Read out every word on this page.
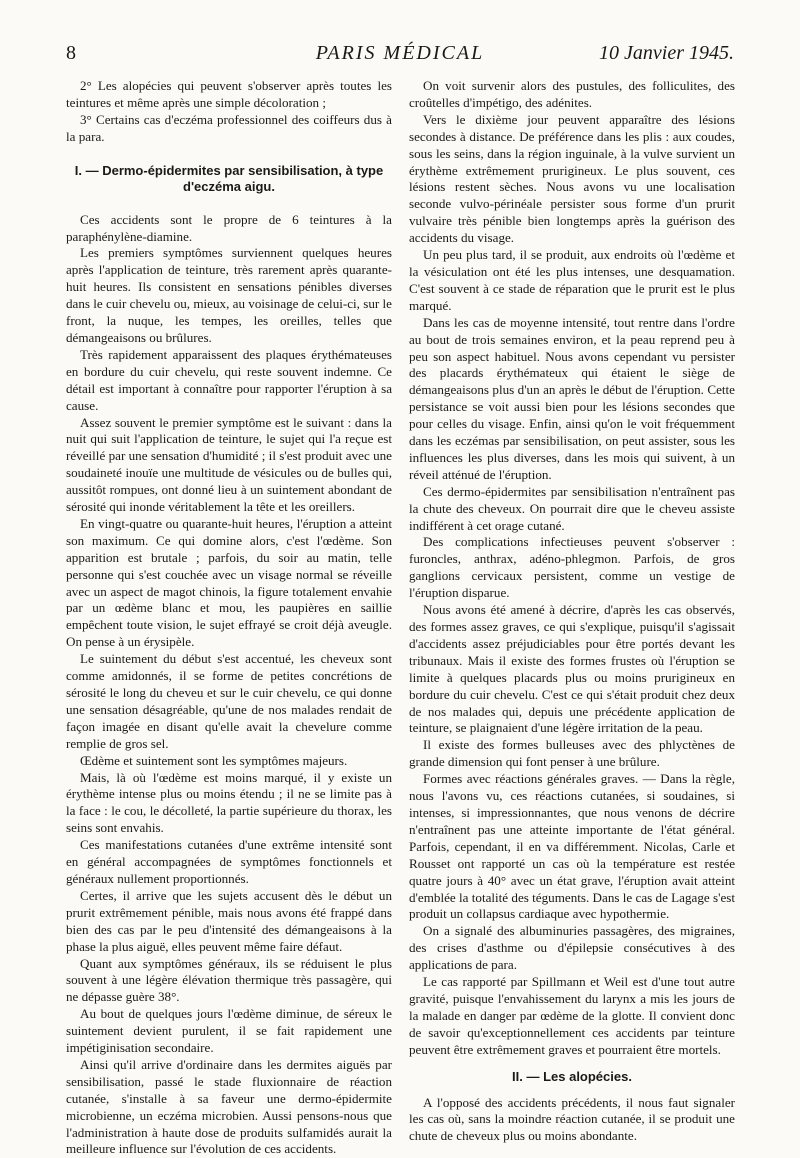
8	PARIS MÉDICAL	10 Janvier 1945.

2° Les alopécies qui peuvent s'observer après toutes les teintures et même après une simple décoloration ;

3° Certains cas d'eczéma professionnel des coiffeurs dus à la para.

I. — Dermo-épidermites par sensibilisation, à type d'eczéma aigu.

Ces accidents sont le propre de 6 teintures à la paraphénylène-diamine.

Les premiers symptômes surviennent quelques heures après l'application de teinture, très rarement après quarante-huit heures. Ils consistent en sensations pénibles diverses dans le cuir chevelu ou, mieux, au voisinage de celui-ci, sur le front, la nuque, les tempes, les oreilles, telles que démangeaisons ou brûlures.

Très rapidement apparaissent des plaques érythémateuses en bordure du cuir chevelu, qui reste souvent indemne. Ce détail est important à connaître pour rapporter l'éruption à sa cause.

Assez souvent le premier symptôme est le suivant : dans la nuit qui suit l'application de teinture, le sujet qui l'a reçue est réveillé par une sensation d'humidité ; il s'est produit avec une soudaineté inouïe une multitude de vésicules ou de bulles qui, aussitôt rompues, ont donné lieu à un suintement abondant de sérosité qui inonde véritablement la tête et les oreillers.

En vingt-quatre ou quarante-huit heures, l'éruption a atteint son maximum. Ce qui domine alors, c'est l'œdème. Son apparition est brutale ; parfois, du soir au matin, telle personne qui s'est couchée avec un visage normal se réveille avec un aspect de magot chinois, la figure totalement envahie par un œdème blanc et mou, les paupières en saillie empêchent toute vision, le sujet effrayé se croit déjà aveugle. On pense à un érysipèle.

Le suintement du début s'est accentué, les cheveux sont comme amidonnés, il se forme de petites concrétions de sérosité le long du cheveu et sur le cuir chevelu, ce qui donne une sensation désagréable, qu'une de nos malades rendait de façon imagée en disant qu'elle avait la chevelure comme remplie de gros sel.

Œdème et suintement sont les symptômes majeurs.

Mais, là où l'œdème est moins marqué, il y existe un érythème intense plus ou moins étendu ; il ne se limite pas à la face : le cou, le décolleté, la partie supérieure du thorax, les seins sont envahis.

Ces manifestations cutanées d'une extrême intensité sont en général accompagnées de symptômes fonctionnels et généraux nullement proportionnés.

Certes, il arrive que les sujets accusent dès le début un prurit extrêmement pénible, mais nous avons été frappé dans bien des cas par le peu d'intensité des démangeaisons à la phase la plus aiguë, elles peuvent même faire défaut.

Quant aux symptômes généraux, ils se réduisent le plus souvent à une légère élévation thermique très passagère, qui ne dépasse guère 38°.

Au bout de quelques jours l'œdème diminue, de séreux le suintement devient purulent, il se fait rapidement une impétiginisation secondaire.

Ainsi qu'il arrive d'ordinaire dans les dermites aiguës par sensibilisation, passé le stade fluxionnaire de réaction cutanée, s'installe à sa faveur une dermo-épidermite microbienne, un eczéma microbien. Aussi pensons-nous que l'administration à haute dose de produits sulfamidés aurait la meilleure influence sur l'évolution de ces accidents.

On voit survenir alors des pustules, des folliculites, des croûtelles d'impétigo, des adénites.

Vers le dixième jour peuvent apparaître des lésions secondes à distance. De préférence dans les plis : aux coudes, sous les seins, dans la région inguinale, à la vulve survient un érythème extrêmement prurigineux. Le plus souvent, ces lésions restent sèches. Nous avons vu une localisation seconde vulvo-périnéale persister sous forme d'un prurit vulvaire très pénible bien longtemps après la guérison des accidents du visage.

Un peu plus tard, il se produit, aux endroits où l'œdème et la vésiculation ont été les plus intenses, une desquamation. C'est souvent à ce stade de réparation que le prurit est le plus marqué.

Dans les cas de moyenne intensité, tout rentre dans l'ordre au bout de trois semaines environ, et la peau reprend peu à peu son aspect habituel. Nous avons cependant vu persister des placards érythémateux qui étaient le siège de démangeaisons plus d'un an après le début de l'éruption. Cette persistance se voit aussi bien pour les lésions secondes que pour celles du visage. Enfin, ainsi qu'on le voit fréquemment dans les eczémas par sensibilisation, on peut assister, sous les influences les plus diverses, dans les mois qui suivent, à un réveil atténué de l'éruption.

Ces dermo-épidermites par sensibilisation n'entraînent pas la chute des cheveux. On pourrait dire que le cheveu assiste indifférent à cet orage cutané.

Des complications infectieuses peuvent s'observer : furoncles, anthrax, adéno-phlegmon. Parfois, de gros ganglions cervicaux persistent, comme un vestige de l'éruption disparue.

Nous avons été amené à décrire, d'après les cas observés, des formes assez graves, ce qui s'explique, puisqu'il s'agissait d'accidents assez préjudiciables pour être portés devant les tribunaux. Mais il existe des formes frustes où l'éruption se limite à quelques placards plus ou moins prurigineux en bordure du cuir chevelu. C'est ce qui s'était produit chez deux de nos malades qui, depuis une précédente application de teinture, se plaignaient d'une légère irritation de la peau.

Il existe des formes bulleuses avec des phlyctènes de grande dimension qui font penser à une brûlure.

Formes avec réactions générales graves. — Dans la règle, nous l'avons vu, ces réactions cutanées, si soudaines, si intenses, si impressionnantes, que nous venons de décrire n'entraînent pas une atteinte importante de l'état général. Parfois, cependant, il en va différemment. Nicolas, Carle et Rousset ont rapporté un cas où la température est restée quatre jours à 40° avec un état grave, l'éruption avait atteint d'emblée la totalité des téguments. Dans le cas de Lagage s'est produit un collapsus cardiaque avec hypothermie.

On a signalé des albuminuries passagères, des migraines, des crises d'asthme ou d'épilepsie consécutives à des applications de para.

Le cas rapporté par Spillmann et Weil est d'une tout autre gravité, puisque l'envahissement du larynx a mis les jours de la malade en danger par œdème de la glotte. Il convient donc de savoir qu'exceptionnellement ces accidents par teinture peuvent être extrêmement graves et pourraient être mortels.

II. — Les alopécies.

A l'opposé des accidents précédents, il nous faut signaler les cas où, sans la moindre réaction cutanée, il se produit une chute de cheveux plus ou moins abondante.
